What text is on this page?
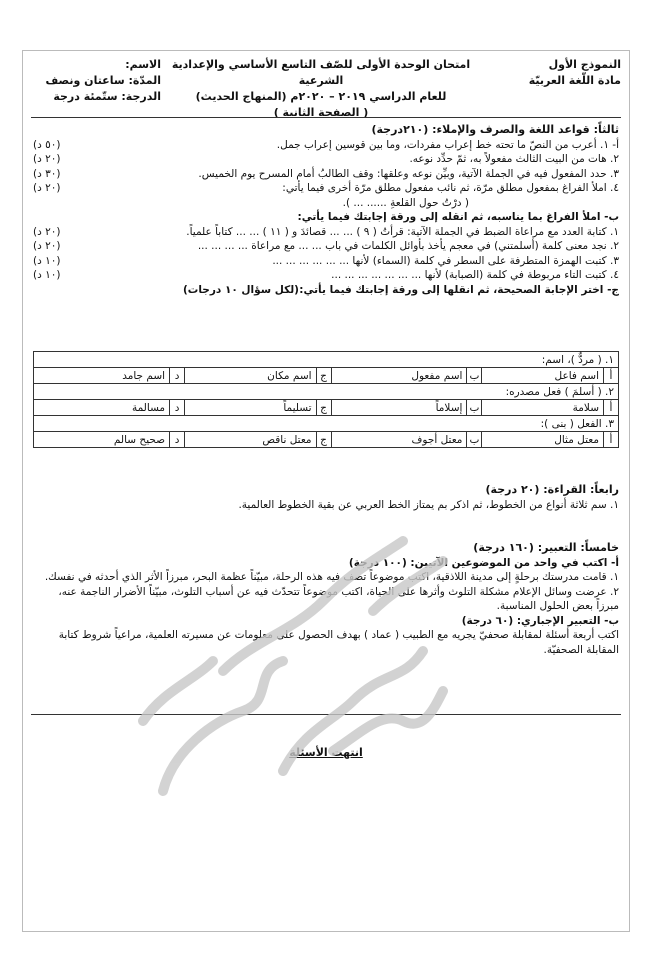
النموذج الأول
مادة اللّغة العربيّة
امتحان الوحدة الأولى للصّف التاسع الأساسي والإعدادية الشرعية
للعام الدراسي ٢٠١٩ – ٢٠٢٠م (المنهاج الحديث)
( الصفحة الثانية )
الاسم:
المدّة: ساعتان ونصف
الدرجة: ستّمئة درجة
ثالثاً: قواعد اللغة والصرف والإملاء: (٢١٠درجة)
أ- ١. أعرب من النصّ ما تحته خط إعراب مفردات، وما بين قوسين إعراب جمل.
(٥٠ د)
٢. هات من البيت الثالث مفعولاً به، ثمّ حدِّد نوعه.
(٢٠ د)
٣. حدد المفعول فيه في الجملة الآتية، وبيِّن نوعه وعلقها: وقف الطالبُ أمام المسرح يوم الخميس.
(٣٠ د)
٤. املأ الفراغ بمفعول مطلق مرّة، ثم نائب مفعول مطلق مرّة أخرى فيما يأتي:
(٢٠ د)
( درْتُ حول القلعةِ ...... ... ).
ب- املأ الفراغ بما يناسبه، ثم انقله إلى ورقة إجابتك فيما يأتي:
١. كتابة العدد مع مراعاة الضبط في الجملة الآتية: قرأتُ ( ٩ ) ... ... قصائدَ و ( ١١ ) ... ... كتاباً علمياً.
(٢٠ د)
٢. نجد معنى كلمة (أسلمتني) في معجم يأخذ بأوائل الكلمات في باب ... ... مع مراعاة ... ... ... ...
(٢٠ د)
٣. كتبت الهمزة المتطرفة على السطر في كلمة (السماء) لأنها ... ... ... ... ... ...
(١٠ د)
٤. كتبت التاء مربوطة في كلمة (الصبابة) لأنها ... ... ... ... ... ... ...
(١٠ د)
ج- اختر الإجابة الصحيحة، ثم انقلها إلى ورقة إجابتك فيما يأتي:
(لكل سؤال ١٠ درجات)
١. ( مردٌّ )، اسم:							
أ	اسم فاعل	ب	اسم مفعول	ج	اسم مكان	د	اسم جامد
٢. ( أسلمَ ) فعل مصدره:							
أ	سلامة	ب	إسلاماً	ج	تسليماً	د	مسالمة
٣. الفعل ( بنى ):							
أ	معتل مثال	ب	معتل أجوف	ج	معتل ناقص	د	صحيح سالم
رابعاً: القراءة: (٢٠ درجة)
١. سم ثلاثة أنواع من الخطوط، ثم اذكر بم يمتاز الخط العربي عن بقية الخطوط العالمية.
خامساً: التعبير: (١٦٠ درجة)
أ- اكتب في واحد من الموضوعين الآتيين: (١٠٠ درجة)
١. قامت مدرستك برحلةٍ إلى مدينة اللاذقية، اكتب موضوعاً تصف فيه هذه الرحلة، مبيّناً عظمة البحر، مبرزاً الأثر الذي أحدثه في نفسك.
٢. عرضت وسائل الإعلام مشكلة التلوث وأثرها على الحياة، اكتب موضوعاً تتحدّث فيه عن أسباب التلوث، مبيّناً الأضرار الناجمة عنه، مبرزاً بعض الحلول المناسبة.
ب- التعبير الإجباري: (٦٠ درجة)
اكتب أربعة أسئلة لمقابلة صحفيّ يجريه مع الطبيب ( عماد ) بهدف الحصول على معلومات عن مسيرته العلمية، مراعياً شروط كتابة المقابلة الصحفيّة.
انتهت الأسئلة
